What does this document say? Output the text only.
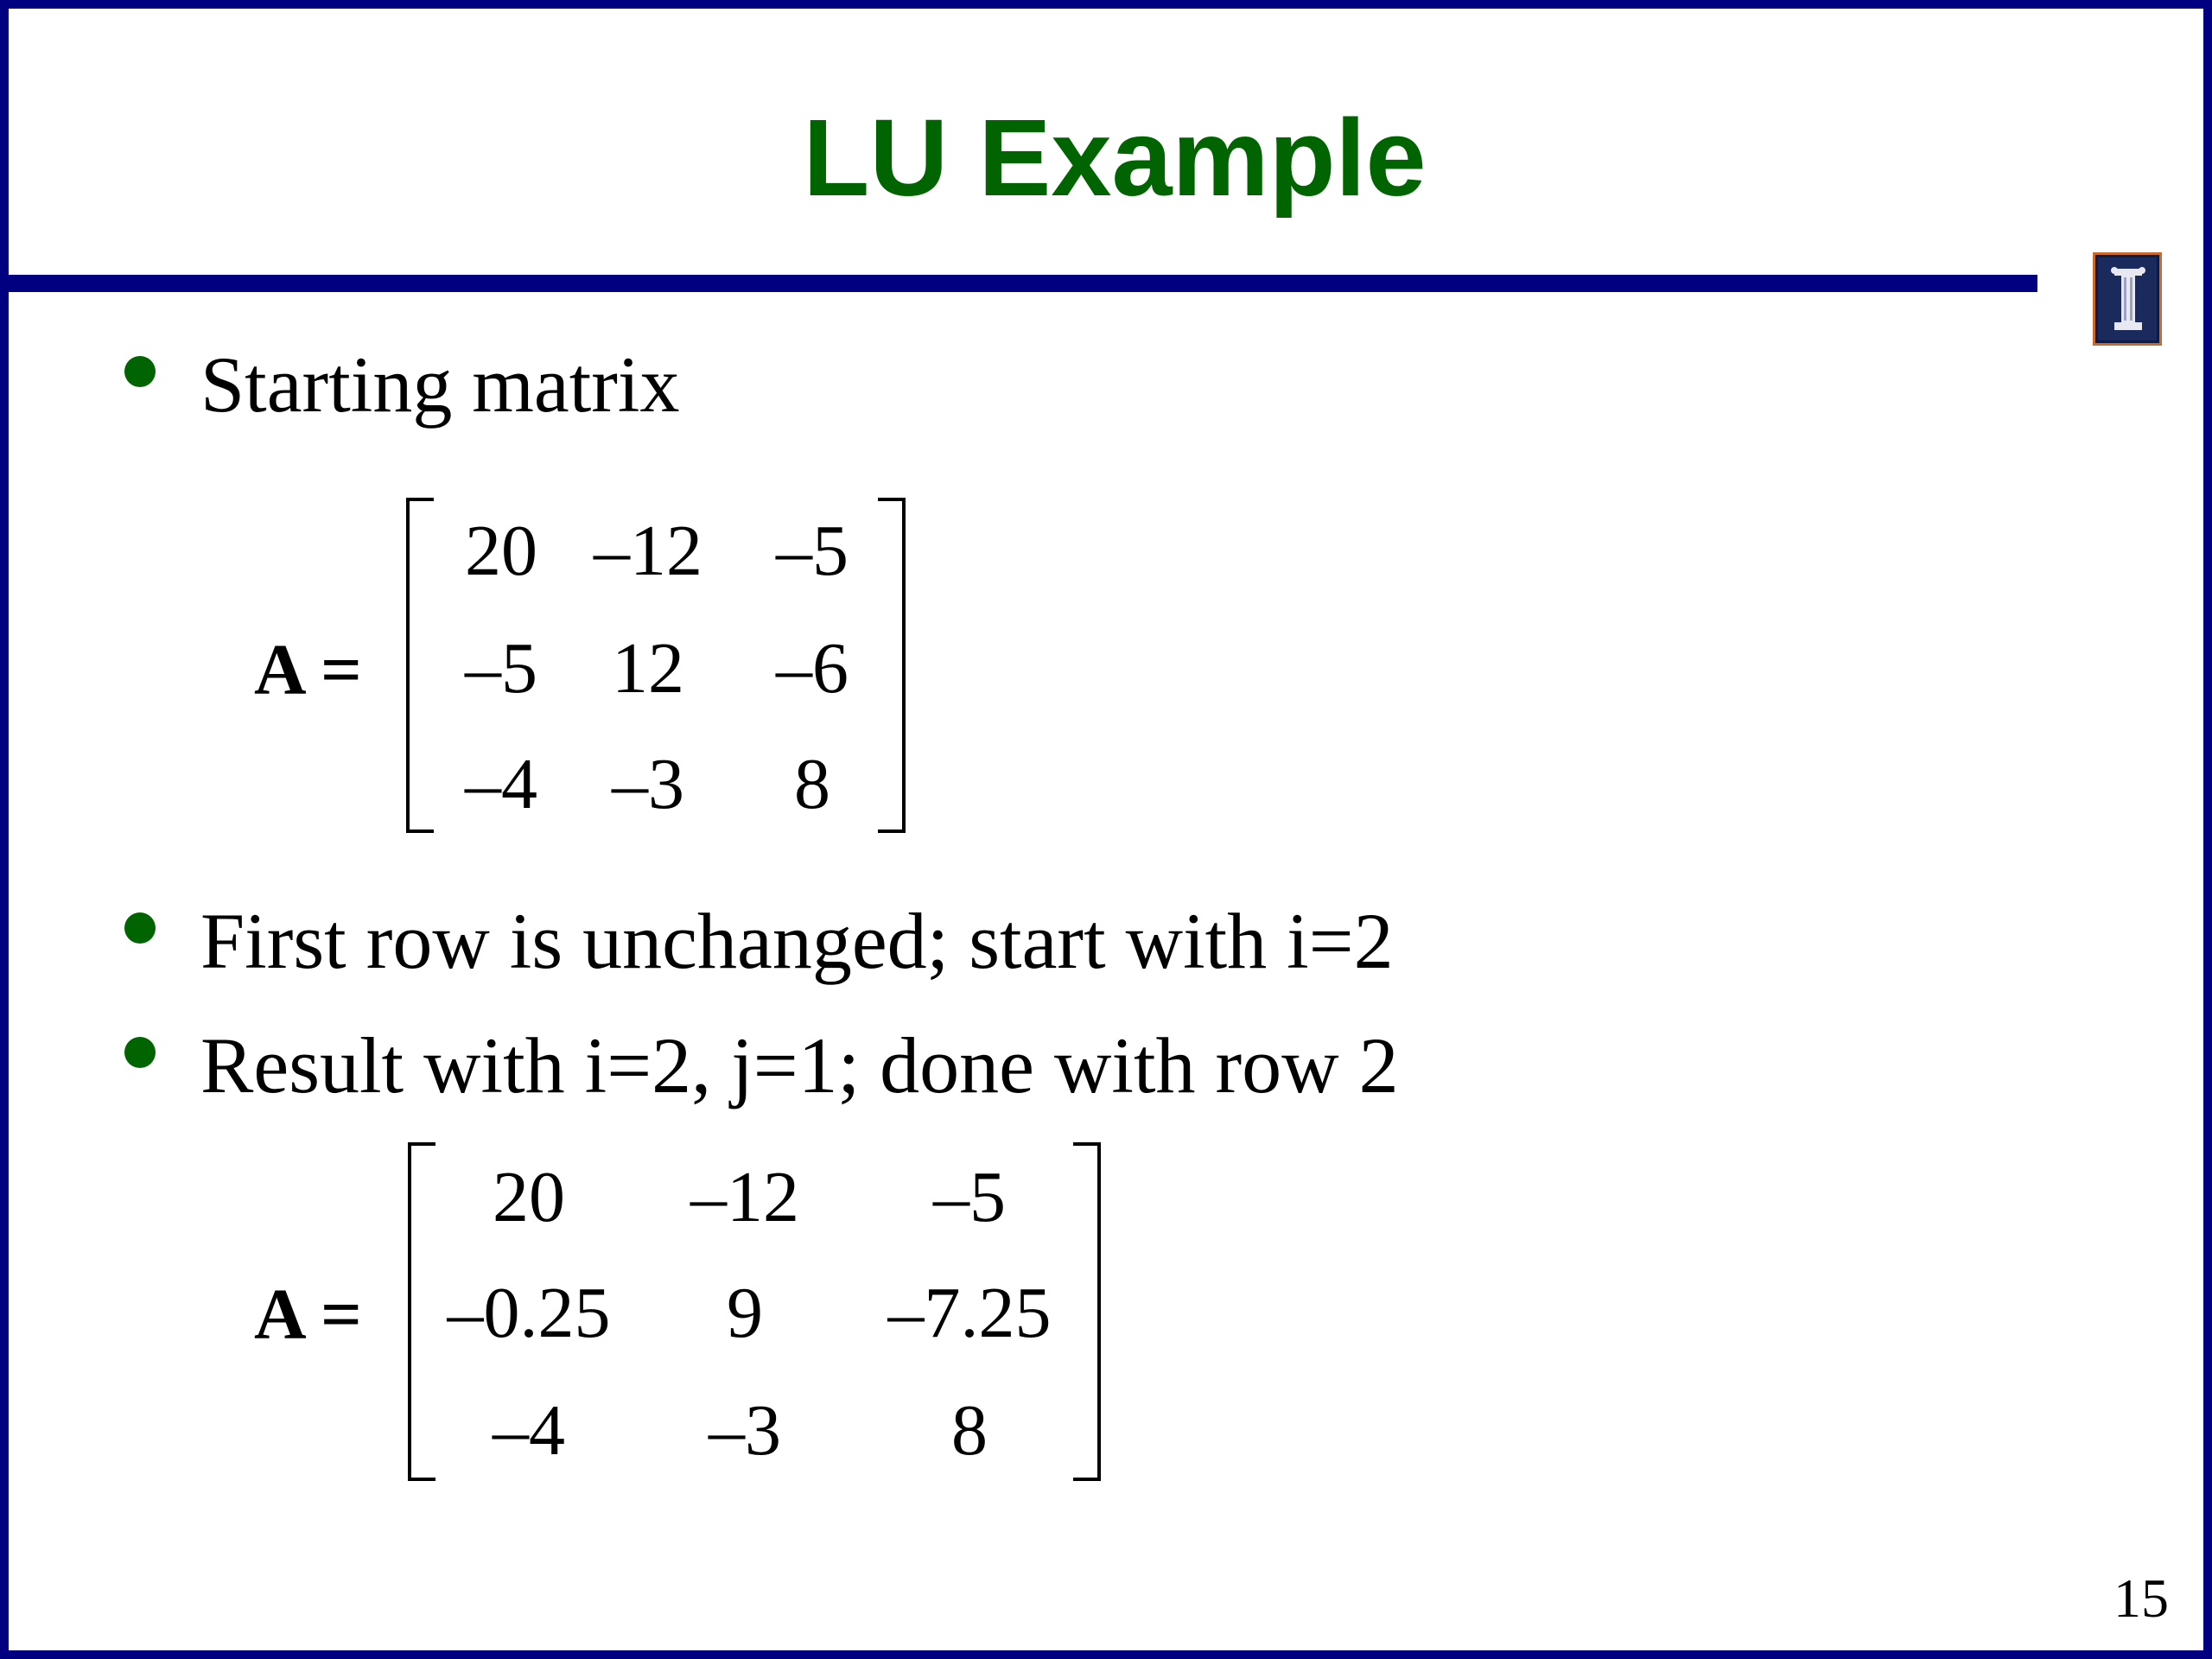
LU Example
Starting matrix
A =
20 –12	–5
–5	12	–6
–4	–3	8
First row is unchanged; start with i=2
Result with i=2, j=1; done with row 2
A =
20	–12	–5
–0.25	9	–7.25
–4	–3	8
15
